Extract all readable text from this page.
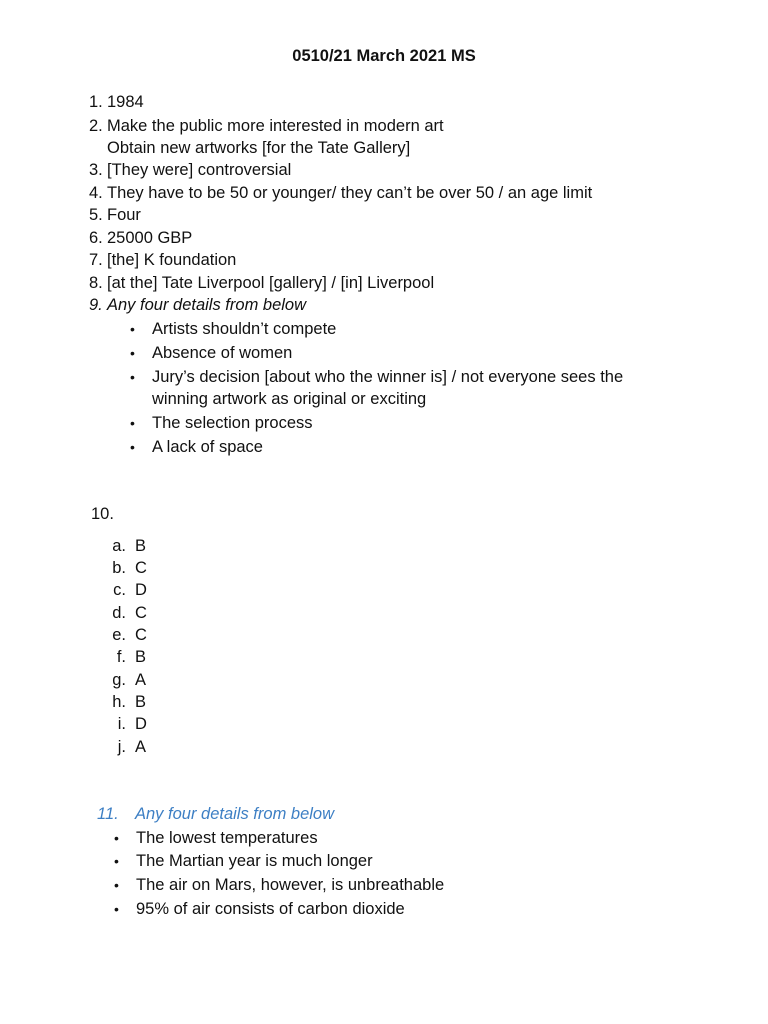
0510/21 March 2021 MS
1. 1984
2. Make the public more interested in modern art
Obtain new artworks [for the Tate Gallery]
3. [They were] controversial
4. They have to be 50 or younger/ they can’t be over 50 / an age limit
5. Four
6. 25000 GBP
7. [the] K foundation
8. [at the] Tate Liverpool [gallery] / [in] Liverpool
9. Any four details from below
• Artists shouldn’t compete
• Absence of women
• Jury’s decision [about who the winner is] / not everyone sees the
winning artwork as original or exciting
• The selection process
• A lack of space
10.
a. B
b. C
c. D
d. C
e. C
f. B
g. A
h. B
i. D
j. A
11. Any four details from below
• The lowest temperatures
• The Martian year is much longer
• The air on Mars, however, is unbreathable
• 95% of air consists of carbon dioxide
